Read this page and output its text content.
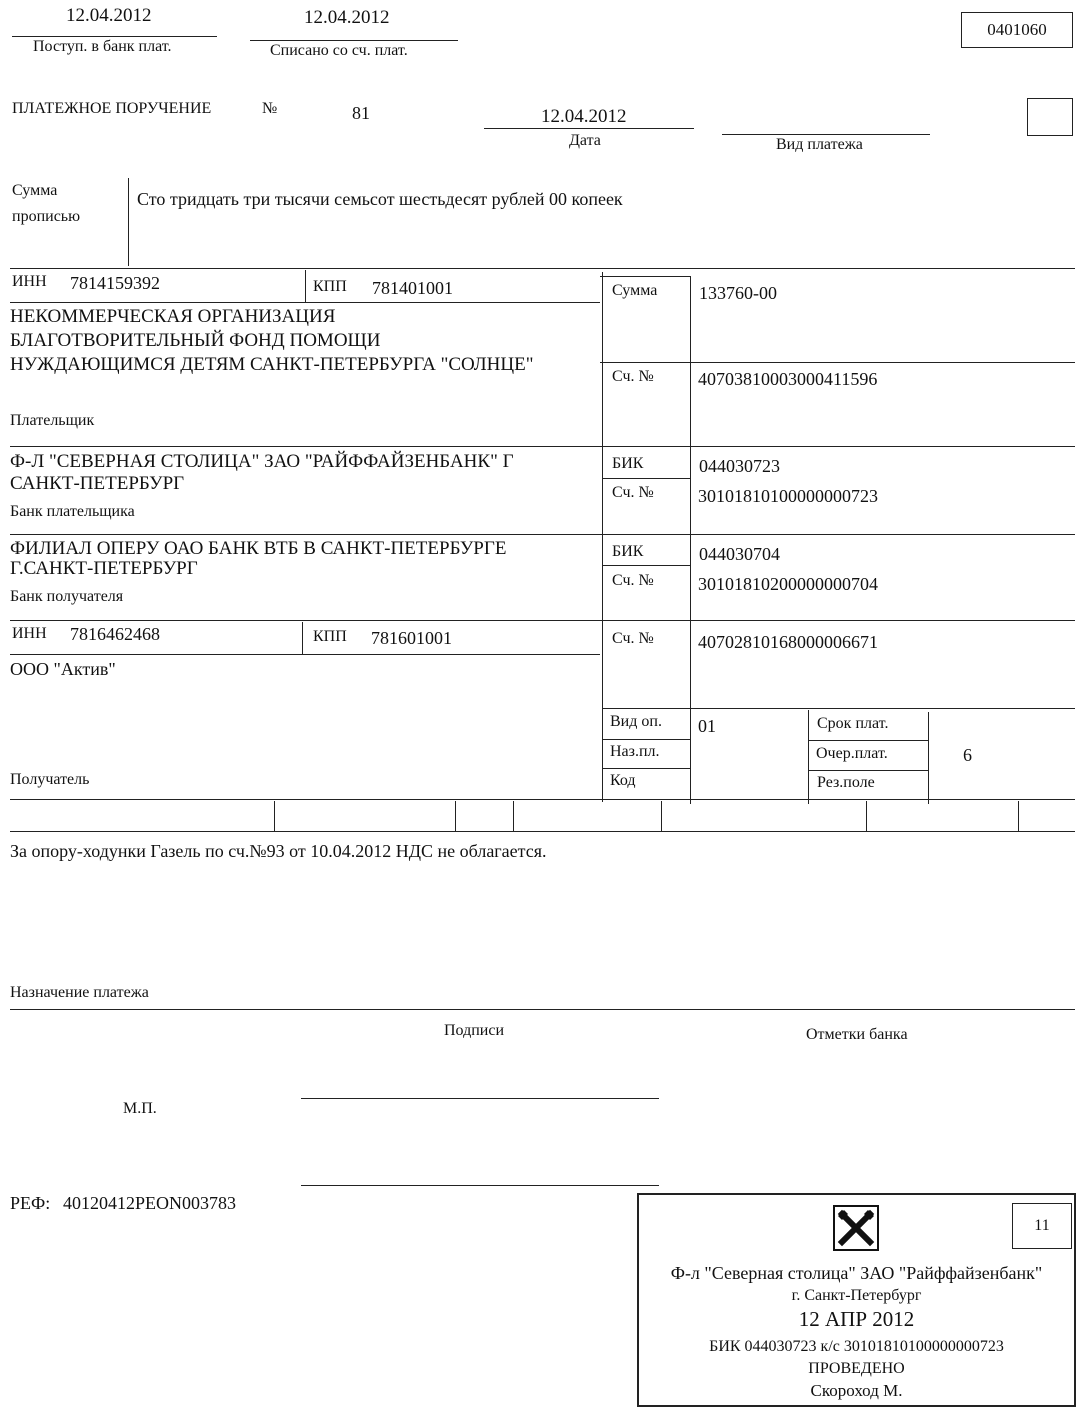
12.04.2012
Поступ. в банк плат.
12.04.2012
Списано со сч. плат.
0401060
ПЛАТЕЖНОЕ ПОРУЧЕНИЕ	№	81	12.04.2012
Дата	Вид платежа
Сумма
прописью
Сто тридцать три тысячи семьсот шестьдесят рублей 00 копеек
ИНН 7814159392	КПП 781401001
НЕКОММЕРЧЕСКАЯ ОРГАНИЗАЦИЯ
БЛАГОТВОРИТЕЛЬНЫЙ ФОНД ПОМОЩИ
НУЖДАЮЩИМСЯ ДЕТЯМ САНКТ-ПЕТЕРБУРГА "СОЛНЦЕ"
Плательщик
Сумма 133760-00
Сч. № 40703810003000411596
Ф-Л "СЕВЕРНАЯ СТОЛИЦА" ЗАО "РАЙФФАЙЗЕНБАНК" Г
САНКТ-ПЕТЕРБУРГ
Банк плательщика
БИК	044030723
Сч. № 30101810100000000723
ФИЛИАЛ ОПЕРУ ОАО БАНК ВТБ В САНКТ-ПЕТЕРБУРГЕ
Г.САНКТ-ПЕТЕРБУРГ
Банк получателя
БИК	044030704
Сч. № 30101810200000000704
ИНН 7816462468	КПП 781601001
ООО "Актив"
Получатель
Сч. № 40702810168000006671
Вид оп. 01
Наз.пл.
Код
Срок плат.
Очер.плат.	6
Рез.поле
За опору-ходунки Газель по сч.№93 от 10.04.2012 НДС не облагается.
Назначение платежа
Подписи	Отметки банка
М.П.
РЕФ: 40120412PEON003783
11
Ф-л "Северная столица" ЗАО "Райффайзенбанк"
г. Санкт-Петербург
12 АПР 2012
БИК 044030723 к/с 30101810100000000723
ПРОВЕДЕНО
Скороход М.
